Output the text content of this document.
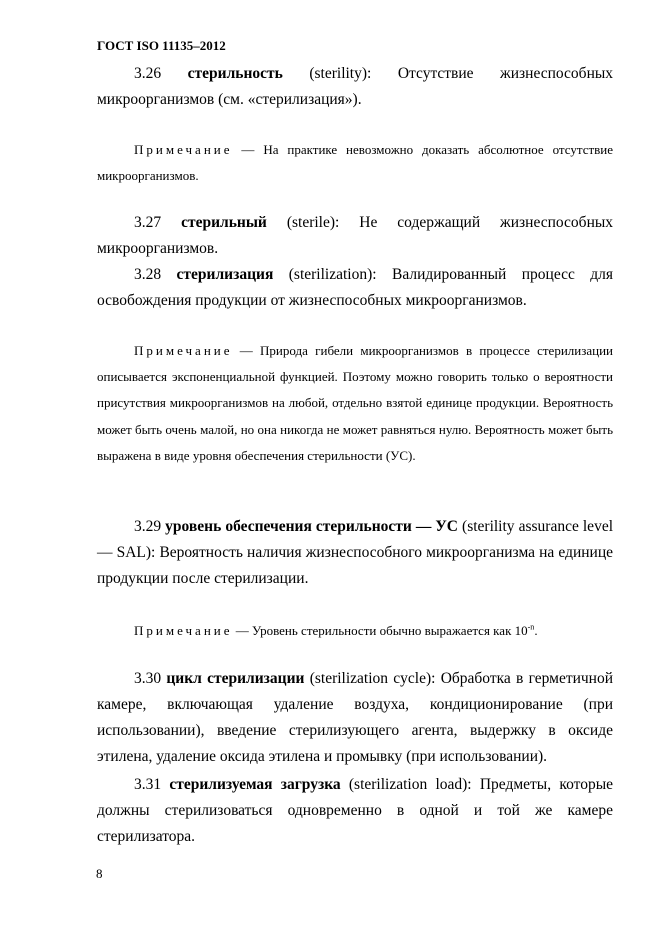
ГОСТ ISO 11135–2012
3.26 стерильность (sterility): Отсутствие жизнеспособных микроорганизмов (см. «стерилизация»).
Примечание — На практике невозможно доказать абсолютное отсутствие микроорганизмов.
3.27 стерильный (sterile): Не содержащий жизнеспособных микроорганизмов.
3.28 стерилизация (sterilization): Валидированный процесс для освобождения продукции от жизнеспособных микроорганизмов.
Примечание — Природа гибели микроорганизмов в процессе стерилизации описывается экспоненциальной функцией. Поэтому можно говорить только о вероятности присутствия микроорганизмов на любой, отдельно взятой единице продукции. Вероятность может быть очень малой, но она никогда не может равняться нулю. Вероятность может быть выражена в виде уровня обеспечения стерильности (УС).
3.29 уровень обеспечения стерильности — УС (sterility assurance level — SAL): Вероятность наличия жизнеспособного микроорганизма на единице продукции после стерилизации.
Примечание — Уровень стерильности обычно выражается как $10^{-n}$.
3.30 цикл стерилизации (sterilization cycle): Обработка в герметичной камере, включающая удаление воздуха, кондиционирование (при использовании), введение стерилизующего агента, выдержку в оксиде этилена, удаление оксида этилена и промывку (при использовании).
3.31 стерилизуемая загрузка (sterilization load): Предметы, которые должны стерилизоваться одновременно в одной и той же камере стерилизатора.
8
